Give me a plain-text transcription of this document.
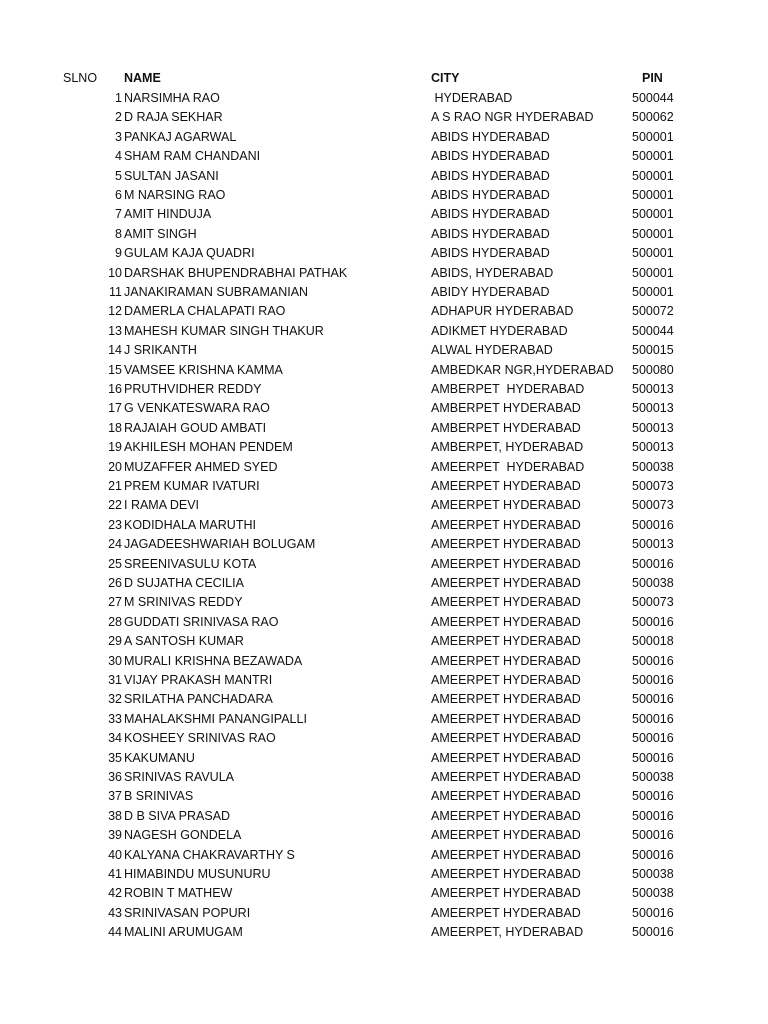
SLNO NAME	CITY	PIN
1 NARSIMHA RAO	HYDERABAD	500044
2 D RAJA SEKHAR	A S RAO NGR HYDERABAD	500062
3 PANKAJ AGARWAL	ABIDS HYDERABAD	500001
4 SHAM RAM CHANDANI	ABIDS HYDERABAD	500001
5 SULTAN JASANI	ABIDS HYDERABAD	500001
6 M NARSING RAO	ABIDS HYDERABAD	500001
7 AMIT HINDUJA	ABIDS HYDERABAD	500001
8 AMIT SINGH	ABIDS HYDERABAD	500001
9 GULAM KAJA QUADRI	ABIDS HYDERABAD	500001
10 DARSHAK BHUPENDRABHAI PATHAK	ABIDS, HYDERABAD	500001
11 JANAKIRAMAN SUBRAMANIAN	ABIDY HYDERABAD	500001
12 DAMERLA CHALAPATI RAO	ADHAPUR HYDERABAD	500072
13 MAHESH KUMAR SINGH THAKUR	ADIKMET HYDERABAD	500044
14 J SRIKANTH	ALWAL HYDERABAD	500015
15 VAMSEE KRISHNA KAMMA	AMBEDKAR NGR,HYDERABAD 500080
16 PRUTHVIDHER REDDY	AMBERPET  HYDERABAD	500013
17 G VENKATESWARA RAO	AMBERPET HYDERABAD	500013
18 RAJAIAH GOUD AMBATI	AMBERPET HYDERABAD	500013
19 AKHILESH MOHAN PENDEM	AMBERPET, HYDERABAD	500013
20 MUZAFFER AHMED SYED	AMEERPET  HYDERABAD	500038
21 PREM KUMAR IVATURI	AMEERPET HYDERABAD	500073
22 I RAMA DEVI	AMEERPET HYDERABAD	500073
23 KODIDHALA MARUTHI	AMEERPET HYDERABAD	500016
24 JAGADEESHWARIAH BOLUGAM	AMEERPET HYDERABAD	500013
25 SREENIVASULU KOTA	AMEERPET HYDERABAD	500016
26 D SUJATHA CECILIA	AMEERPET HYDERABAD	500038
27 M SRINIVAS REDDY	AMEERPET HYDERABAD	500073
28 GUDDATI SRINIVASA RAO	AMEERPET HYDERABAD	500016
29 A SANTOSH KUMAR	AMEERPET HYDERABAD	500018
30 MURALI KRISHNA BEZAWADA	AMEERPET HYDERABAD	500016
31 VIJAY PRAKASH MANTRI	AMEERPET HYDERABAD	500016
32 SRILATHA PANCHADARA	AMEERPET HYDERABAD	500016
33 MAHALAKSHMI PANANGIPALLI	AMEERPET HYDERABAD	500016
34 KOSHEEY SRINIVAS RAO	AMEERPET HYDERABAD	500016
35 KAKUMANU	AMEERPET HYDERABAD	500016
36 SRINIVAS RAVULA	AMEERPET HYDERABAD	500038
37 B SRINIVAS	AMEERPET HYDERABAD	500016
38 D B SIVA PRASAD	AMEERPET HYDERABAD	500016
39 NAGESH GONDELA	AMEERPET HYDERABAD	500016
40 KALYANA CHAKRAVARTHY S	AMEERPET HYDERABAD	500016
41 HIMABINDU MUSUNURU	AMEERPET HYDERABAD	500038
42 ROBIN T MATHEW	AMEERPET HYDERABAD	500038
43 SRINIVASAN POPURI	AMEERPET HYDERABAD	500016
44 MALINI ARUMUGAM	AMEERPET, HYDERABAD	500016
